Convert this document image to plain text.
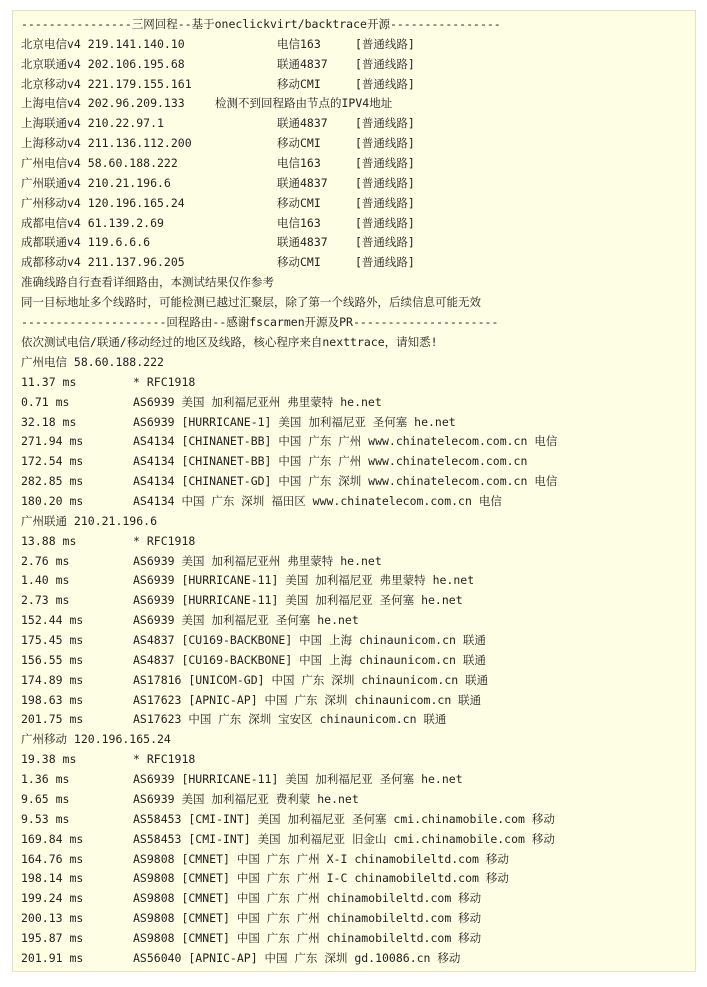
----------------三网回程--基于oneclickvirt/backtrace开源----------------
北京电信v4 219.141.140.10	电信163	[普通线路]
北京联通v4 202.106.195.68	联通4837 [普通线路]
北京移动v4 221.179.155.161	移动CMI	[普通线路]
上海电信v4 202.96.209.133	检测不到回程路由节点的IPV4地址
上海联通v4 210.22.97.1	联通4837 [普通线路]
上海移动v4 211.136.112.200	移动CMI	[普通线路]
广州电信v4 58.60.188.222	电信163	[普通线路]
广州联通v4 210.21.196.6	联通4837 [普通线路]
广州移动v4 120.196.165.24	移动CMI	[普通线路]
成都电信v4 61.139.2.69	电信163	[普通线路]
成都联通v4 119.6.6.6	联通4837 [普通线路]
成都移动v4 211.137.96.205	移动CMI	[普通线路]
准确线路自行查看详细路由，本测试结果仅作参考
同一目标地址多个线路时，可能检测已越过汇聚层，除了第一个线路外，后续信息可能无效
---------------------回程路由--感谢fscarmen开源及PR---------------------
依次测试电信/联通/移动经过的地区及线路，核心程序来自nexttrace，请知悉!
广州电信 58.60.188.222
11.37 ms	* RFC1918
0.71 ms	AS6939 美国 加利福尼亚州 弗里蒙特 he.net
32.18 ms	AS6939 [HURRICANE-1] 美国 加利福尼亚 圣何塞 he.net
271.94 ms	AS4134 [CHINANET-BB] 中国 广东 广州 www.chinatelecom.com.cn 电信
172.54 ms	AS4134 [CHINANET-BB] 中国 广东 广州 www.chinatelecom.com.cn
282.85 ms	AS4134 [CHINANET-GD] 中国 广东 深圳 www.chinatelecom.com.cn 电信
180.20 ms	AS4134 中国 广东 深圳 福田区 www.chinatelecom.com.cn 电信
广州联通 210.21.196.6
13.88 ms	* RFC1918
2.76 ms	AS6939 美国 加利福尼亚州 弗里蒙特 he.net
1.40 ms	AS6939 [HURRICANE-11] 美国 加利福尼亚 弗里蒙特 he.net
2.73 ms	AS6939 [HURRICANE-11] 美国 加利福尼亚 圣何塞 he.net
152.44 ms	AS6939 美国 加利福尼亚 圣何塞 he.net
175.45 ms	AS4837 [CU169-BACKBONE] 中国 上海 chinaunicom.cn 联通
156.55 ms	AS4837 [CU169-BACKBONE] 中国 上海 chinaunicom.cn 联通
174.89 ms	AS17816 [UNICOM-GD] 中国 广东 深圳 chinaunicom.cn 联通
198.63 ms	AS17623 [APNIC-AP] 中国 广东 深圳 chinaunicom.cn 联通
201.75 ms	AS17623 中国 广东 深圳 宝安区 chinaunicom.cn 联通
广州移动 120.196.165.24
19.38 ms	* RFC1918
1.36 ms	AS6939 [HURRICANE-11] 美国 加利福尼亚 圣何塞 he.net
9.65 ms	AS6939 美国 加利福尼亚 费利蒙 he.net
9.53 ms	AS58453 [CMI-INT] 美国 加利福尼亚 圣何塞 cmi.chinamobile.com 移动
169.84 ms	AS58453 [CMI-INT] 美国 加利福尼亚 旧金山 cmi.chinamobile.com 移动
164.76 ms	AS9808 [CMNET] 中国 广东 广州 X-I chinamobileltd.com 移动
198.14 ms	AS9808 [CMNET] 中国 广东 广州 I-C chinamobileltd.com 移动
199.24 ms	AS9808 [CMNET] 中国 广东 广州 chinamobileltd.com 移动
200.13 ms	AS9808 [CMNET] 中国 广东 广州 chinamobileltd.com 移动
195.87 ms	AS9808 [CMNET] 中国 广东 广州 chinamobileltd.com 移动
201.91 ms	AS56040 [APNIC-AP] 中国 广东 深圳 gd.10086.cn 移动
